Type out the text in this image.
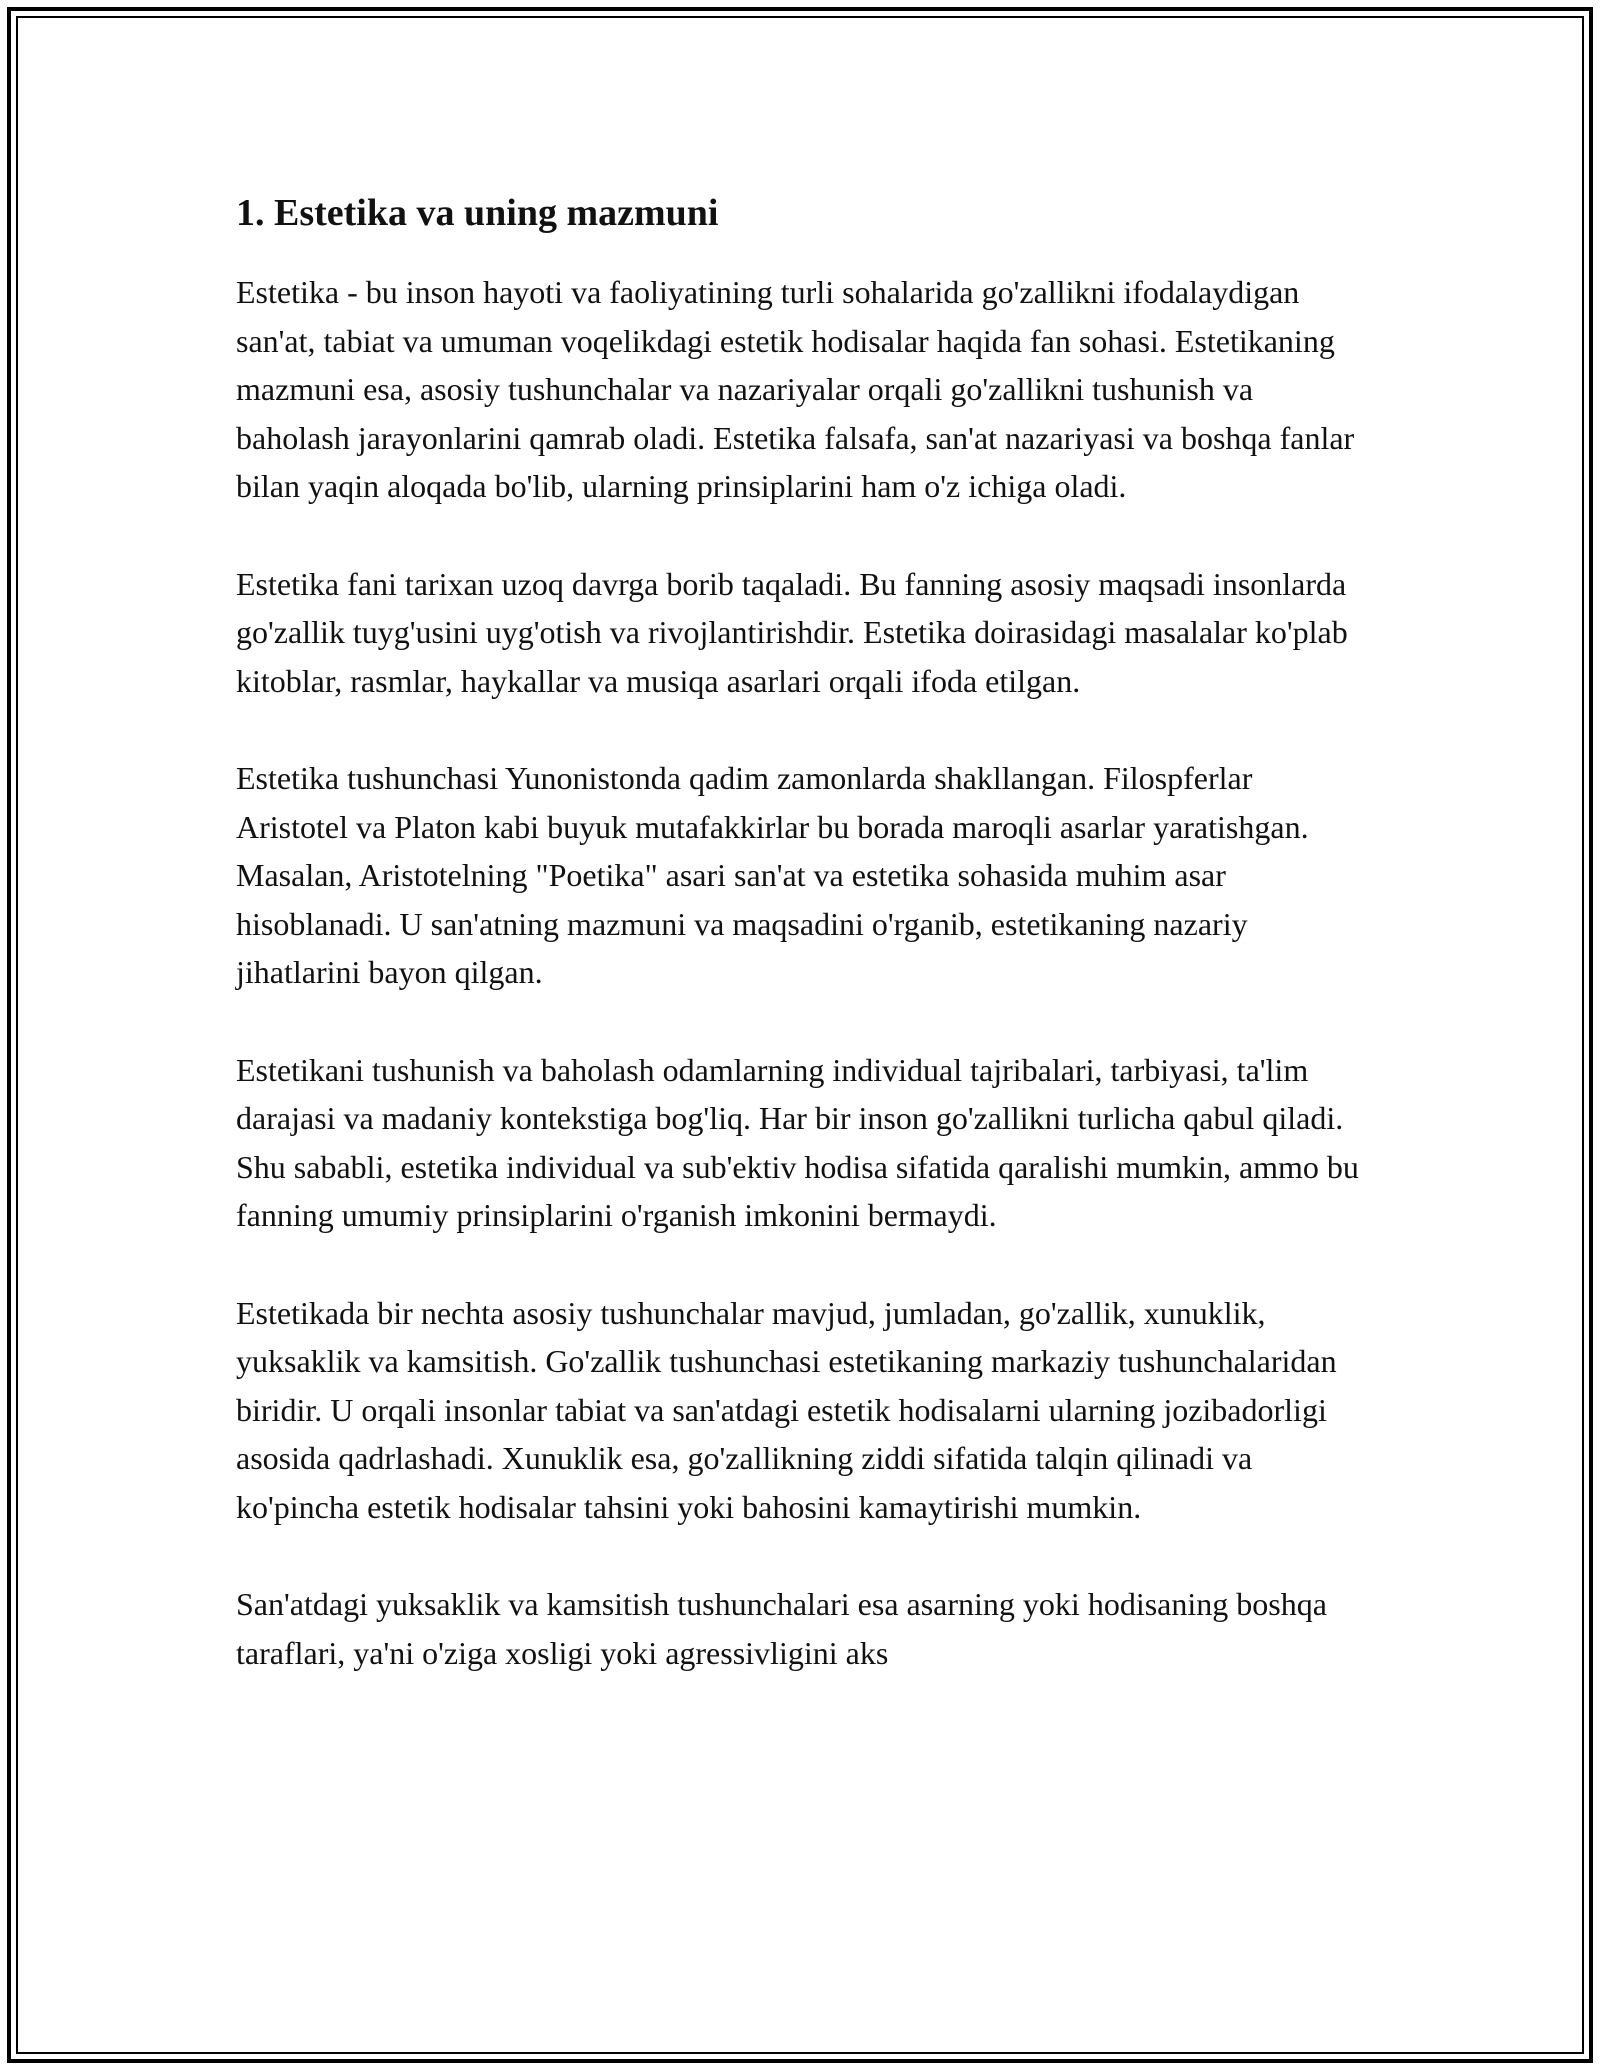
1. Estetika va uning mazmuni

Estetika - bu inson hayoti va faoliyatining turli sohalarida go'zallikni ifodalaydigan san'at, tabiat va umuman voqelikdagi estetik hodisalar haqida fan sohasi. Estetikaning mazmuni esa, asosiy tushunchalar va nazariyalar orqali go'zallikni tushunish va baholash jarayonlarini qamrab oladi. Estetika falsafa, san'at nazariyasi va boshqa fanlar bilan yaqin aloqada bo'lib, ularning prinsiplarini ham o'z ichiga oladi.

Estetika fani tarixan uzoq davrga borib taqaladi. Bu fanning asosiy maqsadi insonlarda go'zallik tuyg'usini uyg'otish va rivojlantirishdir. Estetika doirasidagi masalalar ko'plab kitoblar, rasmlar, haykallar va musiqa asarlari orqali ifoda etilgan.

Estetika tushunchasi Yunonistonda qadim zamonlarda shakllangan. Filospferlar Aristotel va Platon kabi buyuk mutafakkirlar bu borada maroqli asarlar yaratishgan. Masalan, Aristotelning "Poetika" asari san'at va estetika sohasida muhim asar hisoblanadi. U san'atning mazmuni va maqsadini o'rganib, estetikaning nazariy jihatlarini bayon qilgan.

Estetikani tushunish va baholash odamlarning individual tajribalari, tarbiyasi, ta'lim darajasi va madaniy kontekstiga bog'liq. Har bir inson go'zallikni turlicha qabul qiladi. Shu sababli, estetika individual va sub'ektiv hodisa sifatida qaralishi mumkin, ammo bu fanning umumiy prinsiplarini o'rganish imkonini bermaydi.

Estetikada bir nechta asosiy tushunchalar mavjud, jumladan, go'zallik, xunuklik, yuksaklik va kamsitish. Go'zallik tushunchasi estetikaning markaziy tushunchalaridan biridir. U orqali insonlar tabiat va san'atdagi estetik hodisalarni ularning jozibadorligi asosida qadrlashadi. Xunuklik esa, go'zallikning ziddi sifatida talqin qilinadi va ko'pincha estetik hodisalar tahsini yoki bahosini kamaytirishi mumkin.

San'atdagi yuksaklik va kamsitish tushunchalari esa asarning yoki hodisaning boshqa taraflari, ya'ni o'ziga xosligi yoki agressivligini aks
